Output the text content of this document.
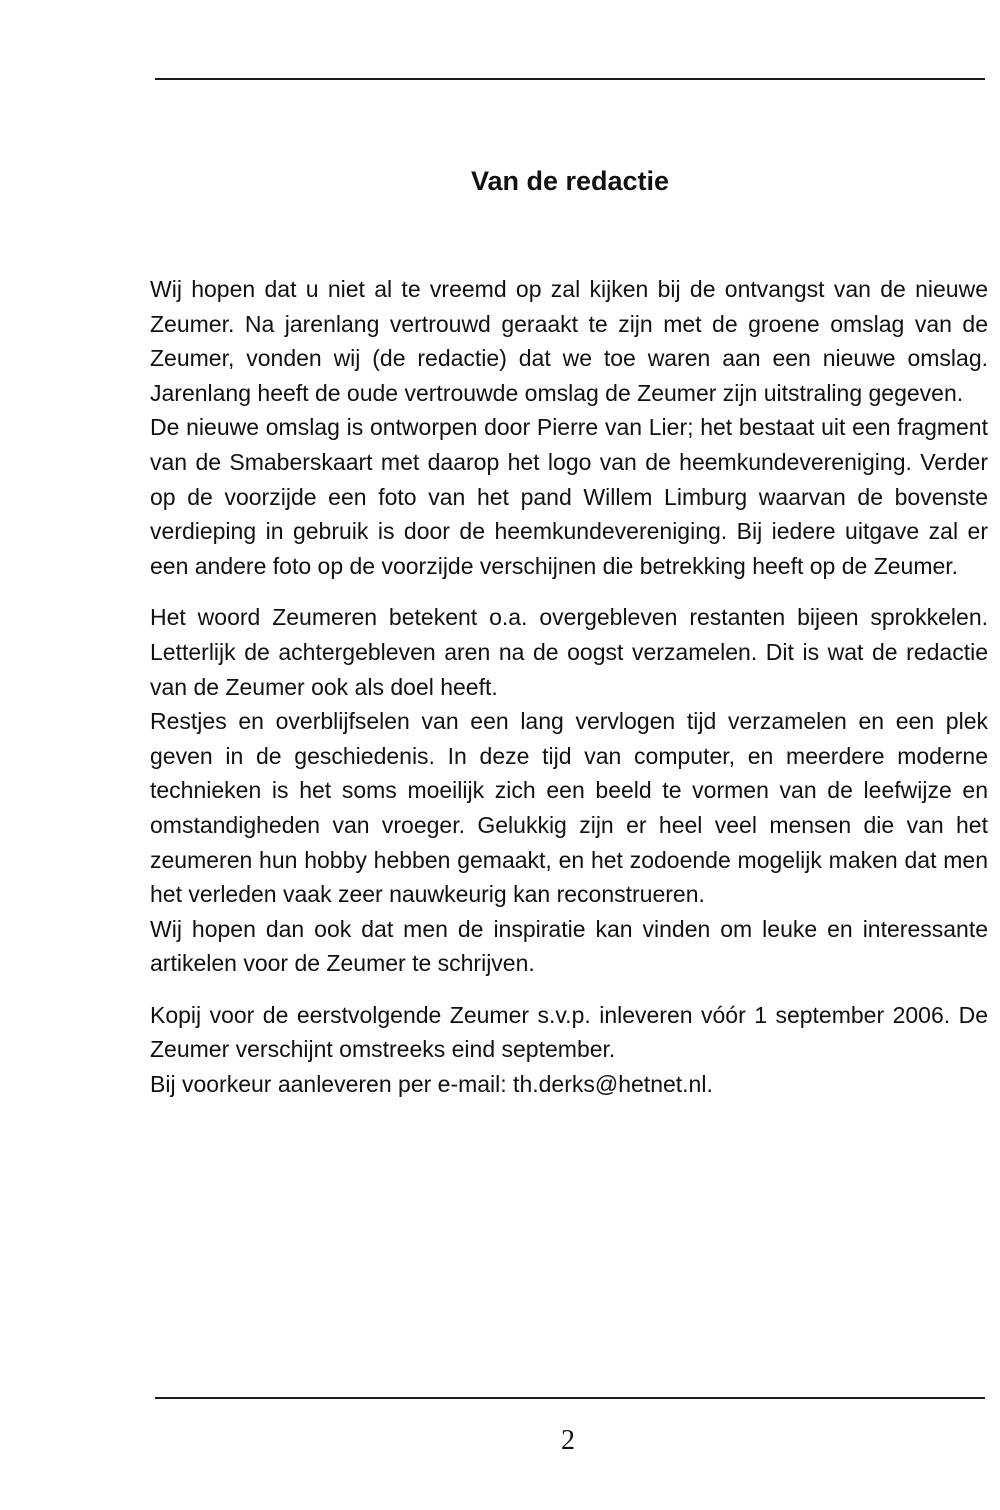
Van de redactie

Wij hopen dat u niet al te vreemd op zal kijken bij de ontvangst van de nieuwe Zeumer. Na jarenlang vertrouwd geraakt te zijn met de groene omslag van de Zeumer, vonden wij (de redactie) dat we toe waren aan een nieuwe omslag. Jarenlang heeft de oude vertrouwde omslag de Zeumer zijn uitstraling gegeven.

De nieuwe omslag is ontworpen door Pierre van Lier; het bestaat uit een fragment van de Smaberskaart met daarop het logo van de heemkundevereniging. Verder op de voorzijde een foto van het pand Willem Limburg waarvan de bovenste verdieping in gebruik is door de heemkundevereniging. Bij iedere uitgave zal er een andere foto op de voorzijde verschijnen die betrekking heeft op de Zeumer.

Het woord Zeumeren betekent o.a. overgebleven restanten bijeen sprokkelen. Letterlijk de achtergebleven aren na de oogst verzamelen. Dit is wat de redactie van de Zeumer ook als doel heeft.

Restjes en overblijfselen van een lang vervlogen tijd verzamelen en een plek geven in de geschiedenis. In deze tijd van computer, en meerdere moderne technieken is het soms moeilijk zich een beeld te vormen van de leefwijze en omstandigheden van vroeger. Gelukkig zijn er heel veel mensen die van het zeumeren hun hobby hebben gemaakt, en het zodoende mogelijk maken dat men het verleden vaak zeer nauwkeurig kan reconstrueren.

Wij hopen dan ook dat men de inspiratie kan vinden om leuke en interessante artikelen voor de Zeumer te schrijven.

Kopij voor de eerstvolgende Zeumer s.v.p. inleveren vóór 1 september 2006. De Zeumer verschijnt omstreeks eind september.

Bij voorkeur aanleveren per e-mail: th.derks@hetnet.nl.

2
